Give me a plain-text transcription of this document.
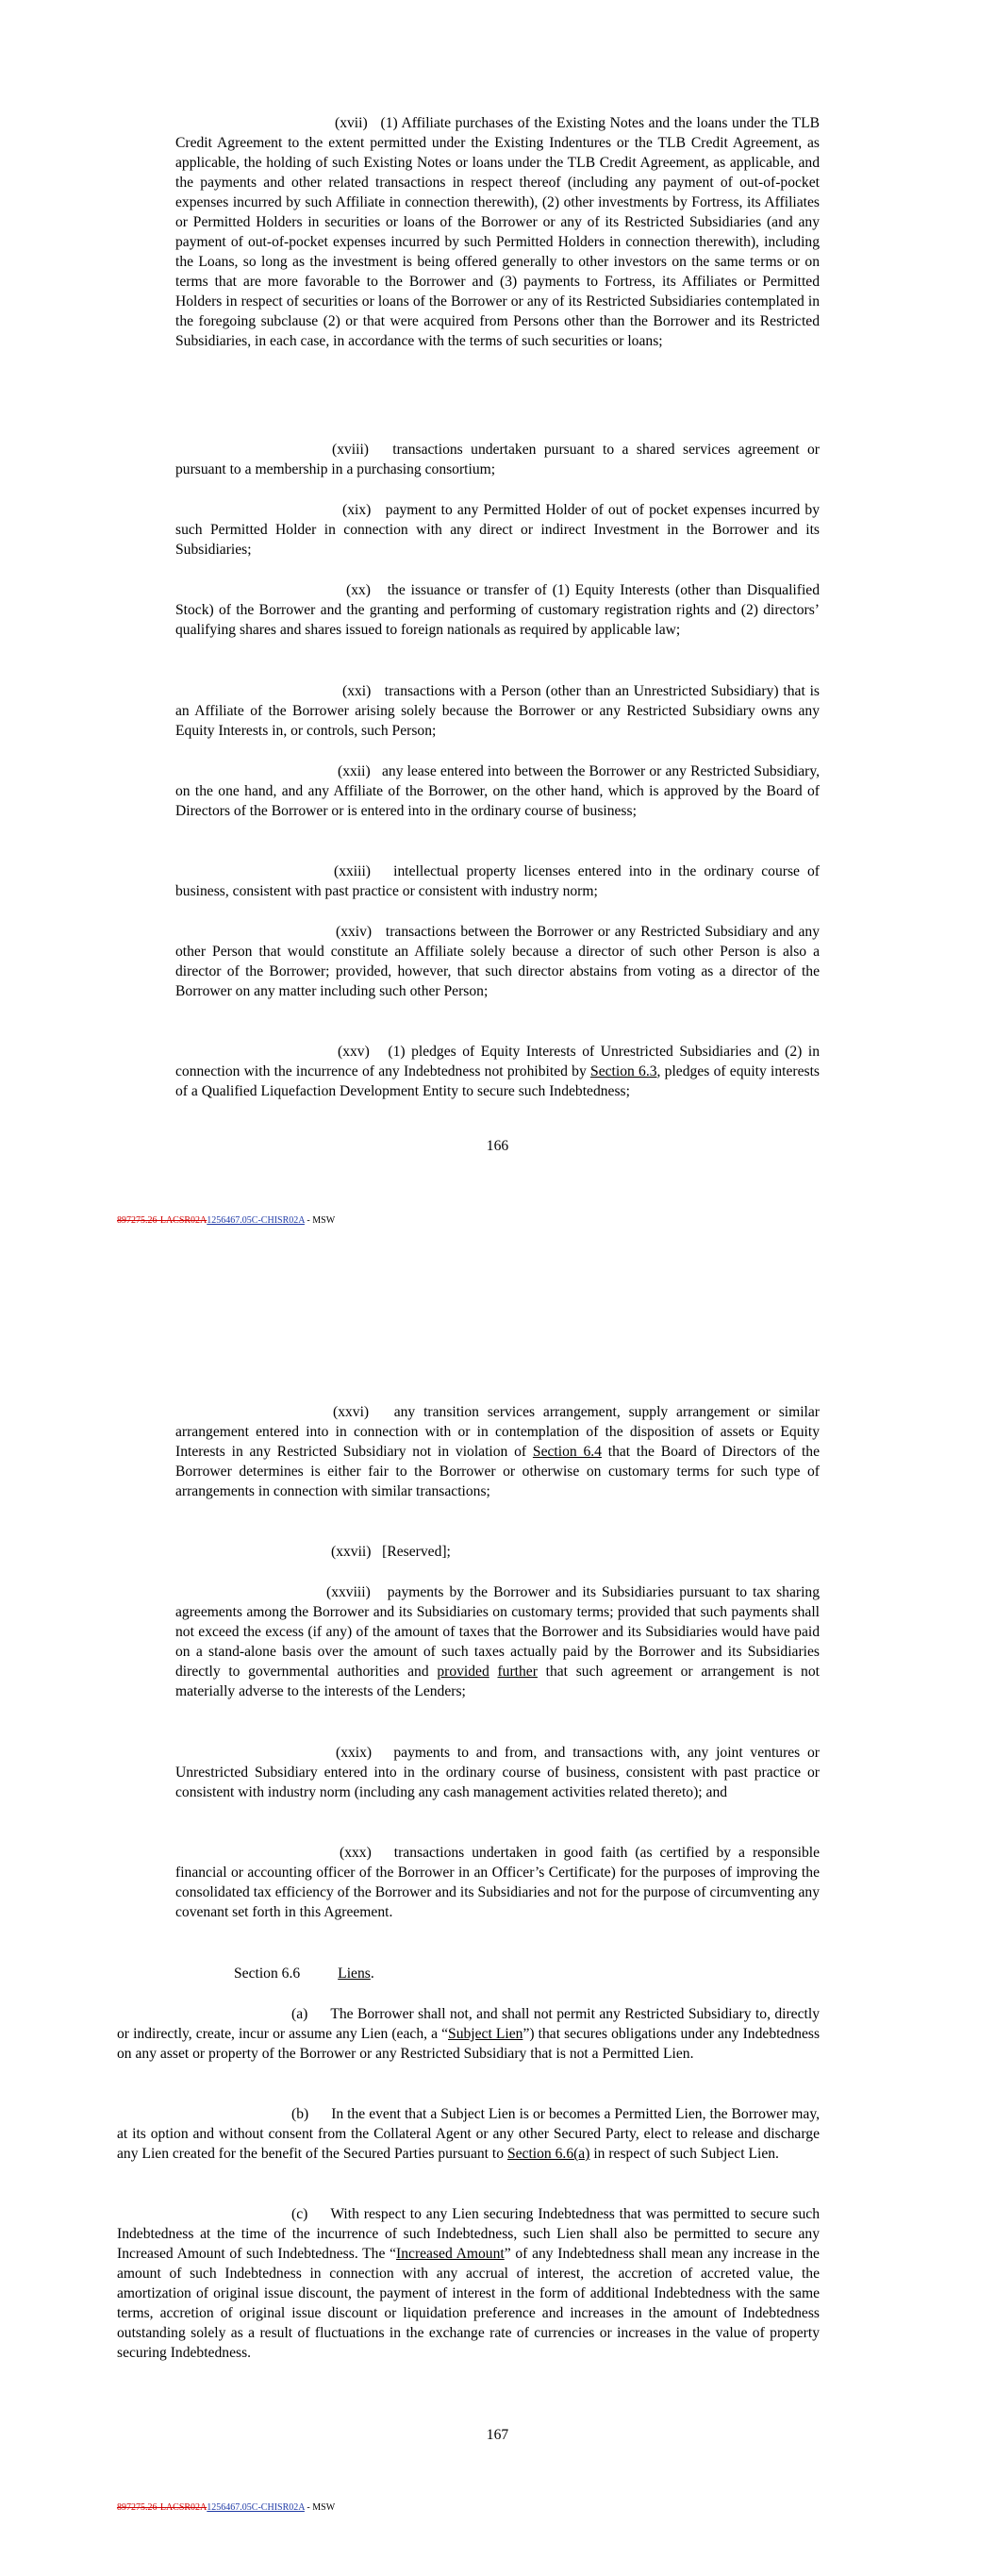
(xvii) (1) Affiliate purchases of the Existing Notes and the loans under the TLB Credit Agreement to the extent permitted under the Existing Indentures or the TLB Credit Agreement, as applicable, the holding of such Existing Notes or loans under the TLB Credit Agreement, as applicable, and the payments and other related transactions in respect thereof (including any payment of out-of-pocket expenses incurred by such Affiliate in connection therewith), (2) other investments by Fortress, its Affiliates or Permitted Holders in securities or loans of the Borrower or any of its Restricted Subsidiaries (and any payment of out-of-pocket expenses incurred by such Permitted Holders in connection therewith), including the Loans, so long as the investment is being offered generally to other investors on the same terms or on terms that are more favorable to the Borrower and (3) payments to Fortress, its Affiliates or Permitted Holders in respect of securities or loans of the Borrower or any of its Restricted Subsidiaries contemplated in the foregoing subclause (2) or that were acquired from Persons other than the Borrower and its Restricted Subsidiaries, in each case, in accordance with the terms of such securities or loans;
(xviii) transactions undertaken pursuant to a shared services agreement or pursuant to a membership in a purchasing consortium;
(xix) payment to any Permitted Holder of out of pocket expenses incurred by such Permitted Holder in connection with any direct or indirect Investment in the Borrower and its Subsidiaries;
(xx) the issuance or transfer of (1) Equity Interests (other than Disqualified Stock) of the Borrower and the granting and performing of customary registration rights and (2) directors’ qualifying shares and shares issued to foreign nationals as required by applicable law;
(xxi) transactions with a Person (other than an Unrestricted Subsidiary) that is an Affiliate of the Borrower arising solely because the Borrower or any Restricted Subsidiary owns any Equity Interests in, or controls, such Person;
(xxii) any lease entered into between the Borrower or any Restricted Subsidiary, on the one hand, and any Affiliate of the Borrower, on the other hand, which is approved by the Board of Directors of the Borrower or is entered into in the ordinary course of business;
(xxiii) intellectual property licenses entered into in the ordinary course of business, consistent with past practice or consistent with industry norm;
(xxiv) transactions between the Borrower or any Restricted Subsidiary and any other Person that would constitute an Affiliate solely because a director of such other Person is also a director of the Borrower; provided, however, that such director abstains from voting as a director of the Borrower on any matter including such other Person;
(xxv) (1) pledges of Equity Interests of Unrestricted Subsidiaries and (2) in connection with the incurrence of any Indebtedness not prohibited by Section 6.3, pledges of equity interests of a Qualified Liquefaction Development Entity to secure such Indebtedness;
166
897275.26-LACSR02A1256467.05C-CHISR02A - MSW
(xxvi) any transition services arrangement, supply arrangement or similar arrangement entered into in connection with or in contemplation of the disposition of assets or Equity Interests in any Restricted Subsidiary not in violation of Section 6.4 that the Board of Directors of the Borrower determines is either fair to the Borrower or otherwise on customary terms for such type of arrangements in connection with similar transactions;
(xxvii) [Reserved];
(xxviii) payments by the Borrower and its Subsidiaries pursuant to tax sharing agreements among the Borrower and its Subsidiaries on customary terms; provided that such payments shall not exceed the excess (if any) of the amount of taxes that the Borrower and its Subsidiaries would have paid on a stand-alone basis over the amount of such taxes actually paid by the Borrower and its Subsidiaries directly to governmental authorities and provided further that such agreement or arrangement is not materially adverse to the interests of the Lenders;
(xxix) payments to and from, and transactions with, any joint ventures or Unrestricted Subsidiary entered into in the ordinary course of business, consistent with past practice or consistent with industry norm (including any cash management activities related thereto); and
(xxx) transactions undertaken in good faith (as certified by a responsible financial or accounting officer of the Borrower in an Officer’s Certificate) for the purposes of improving the consolidated tax efficiency of the Borrower and its Subsidiaries and not for the purpose of circumventing any covenant set forth in this Agreement.
Section 6.6	Liens.
(a) The Borrower shall not, and shall not permit any Restricted Subsidiary to, directly or indirectly, create, incur or assume any Lien (each, a “Subject Lien”) that secures obligations under any Indebtedness on any asset or property of the Borrower or any Restricted Subsidiary that is not a Permitted Lien.
(b) In the event that a Subject Lien is or becomes a Permitted Lien, the Borrower may, at its option and without consent from the Collateral Agent or any other Secured Party, elect to release and discharge any Lien created for the benefit of the Secured Parties pursuant to Section 6.6(a) in respect of such Subject Lien.
(c) With respect to any Lien securing Indebtedness that was permitted to secure such Indebtedness at the time of the incurrence of such Indebtedness, such Lien shall also be permitted to secure any Increased Amount of such Indebtedness. The “Increased Amount” of any Indebtedness shall mean any increase in the amount of such Indebtedness in connection with any accrual of interest, the accretion of accreted value, the amortization of original issue discount, the payment of interest in the form of additional Indebtedness with the same terms, accretion of original issue discount or liquidation preference and increases in the amount of Indebtedness outstanding solely as a result of fluctuations in the exchange rate of currencies or increases in the value of property securing Indebtedness.
167
897275.26-LACSR02A1256467.05C-CHISR02A - MSW
